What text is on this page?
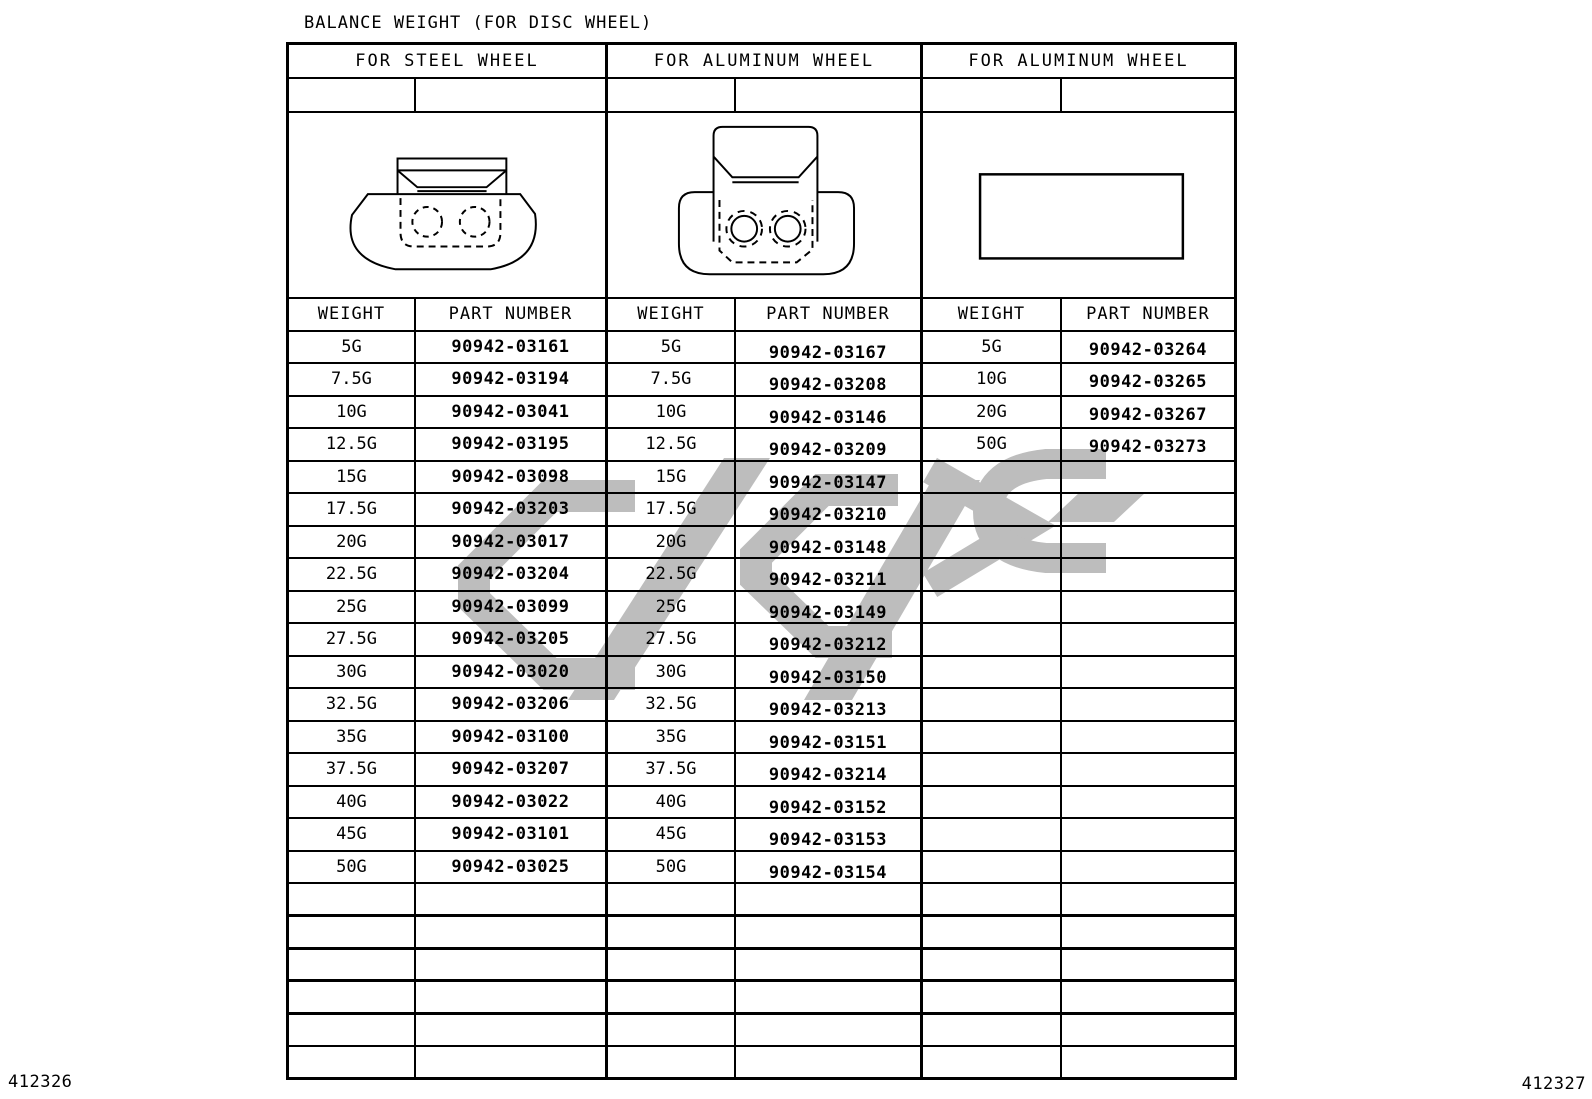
BALANCE WEIGHT (FOR DISC WHEEL)
FOR STEEL WHEEL		FOR ALUMINUM WHEEL		FOR ALUMINUM WHEEL	

WEIGHT	PART NUMBER	WEIGHT	PART NUMBER	WEIGHT	PART NUMBER
5G	90942-03161	5G	90942-03167	5G	90942-03264
7.5G	90942-03194	7.5G	90942-03208	10G	90942-03265
10G	90942-03041	10G	90942-03146	20G	90942-03267
12.5G	90942-03195	12.5G	90942-03209	50G	90942-03273
15G	90942-03098	15G	90942-03147		
17.5G	90942-03203	17.5G	90942-03210		
20G	90942-03017	20G	90942-03148		
22.5G	90942-03204	22.5G	90942-03211		
25G	90942-03099	25G	90942-03149		
27.5G	90942-03205	27.5G	90942-03212		
30G	90942-03020	30G	90942-03150		
32.5G	90942-03206	32.5G	90942-03213		
35G	90942-03100	35G	90942-03151		
37.5G	90942-03207	37.5G	90942-03214		
40G	90942-03022	40G	90942-03152		
45G	90942-03101	45G	90942-03153		
50G	90942-03025	50G	90942-03154		

412326	412327
